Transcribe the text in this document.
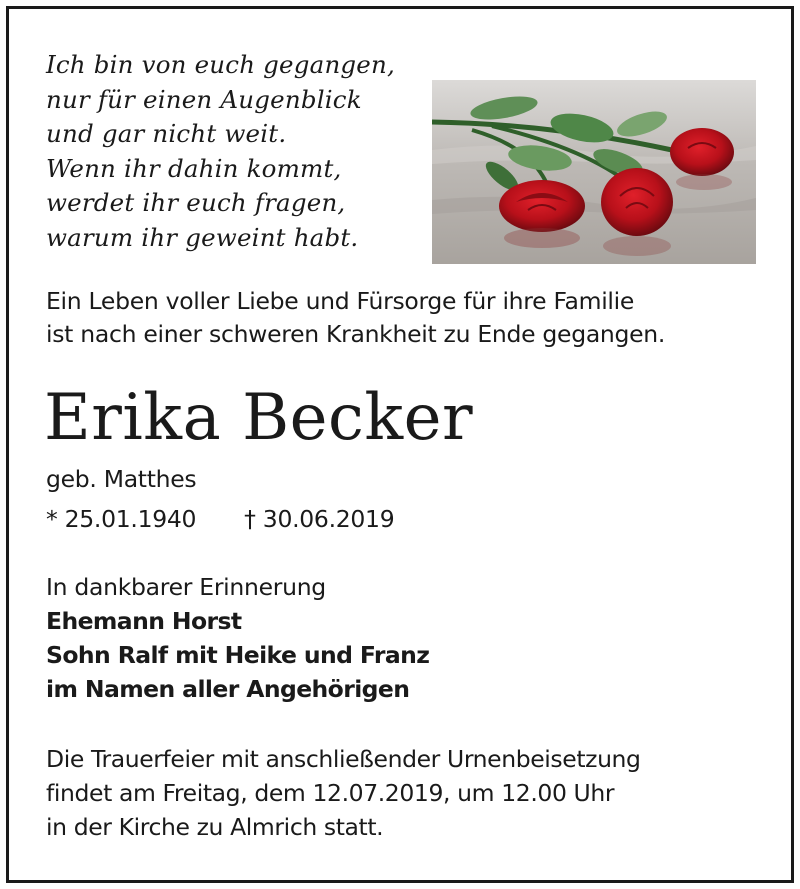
Ich bin von euch gegangen,
nur für einen Augenblick
und gar nicht weit.
Wenn ihr dahin kommt,
werdet ihr euch fragen,
warum ihr geweint habt.
Ein Leben voller Liebe und Fürsorge für ihre Familie
ist nach einer schweren Krankheit zu Ende gegangen.
Erika Becker
geb. Matthes
* 25.01.1940 † 30.06.2019
In dankbarer Erinnerung
Ehemann Horst
Sohn Ralf mit Heike und Franz
im Namen aller Angehörigen
Die Trauerfeier mit anschließender Urnenbeisetzung
findet am Freitag, dem 12.07.2019, um 12.00 Uhr
in der Kirche zu Almrich statt.
